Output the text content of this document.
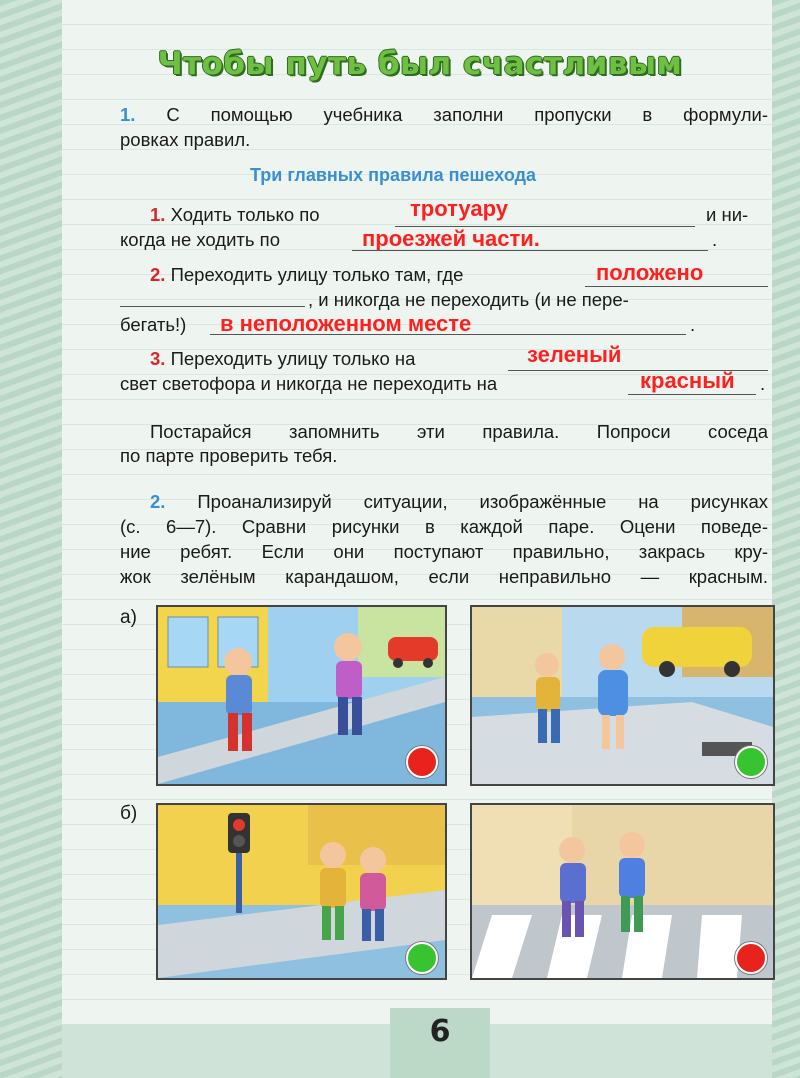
Чтобы путь был счастливым
1. С помощью учебника заполни пропуски в формули-
ровках правил.
Три главных правила пешехода
1. Ходить только по	тротуару	и ни-
когда не ходить по	проезжей части.	.
2. Переходить улицу только там, где	положено
, и никогда не переходить (и не пере-
бегать!) в неположенном месте	.
3. Переходить улицу только на	зеленый
свет светофора и никогда не переходить на	красный .
Постарайся запомнить эти правила. Попроси соседа
по парте проверить тебя.
2. Проанализируй ситуации, изображённые на рисунках
(с. 6—7). Сравни рисунки в каждой паре. Оцени поведе-
ние ребят. Если они поступают правильно, закрась кру-
жок зелёным карандашом, если неправильно — красным.
а)
б)
6
